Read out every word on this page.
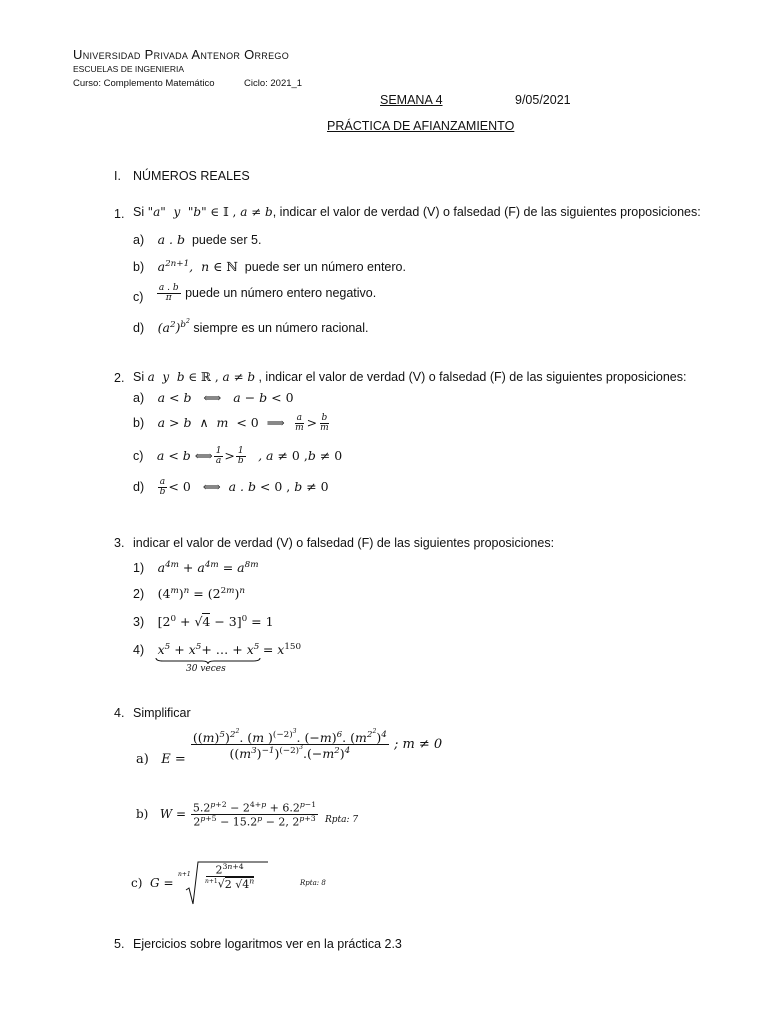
Universidad Privada Antenor Orrego
ESCUELAS DE INGENIERIA
Curso: Complemento Matemático	Ciclo: 2021_1
SEMANA 4	9/05/2021
PRÁCTICA DE AFIANZAMIENTO
I. NÚMEROS REALES
1. Si "a"  y  "b" ∈ 𝕀 , a ≠ b, indicar el valor de verdad (V) o falsedad (F) de las siguientes proposiciones:
a) a . b puede ser 5.
b) $a^{2n+1}$,  n ∈ ℕ puede ser un número entero.
$c) \frac{a . b}{\pi}$ puede un número entero negativo.
d) $(a^2)^{b^2}$ siempre es un número racional.
2. Si a  y  b ∈ ℝ , a ≠ b , indicar el valor de verdad (V) o falsedad (F) de las siguientes proposiciones:
a) a < b   ⟺   a − b < 0
b) a > b  ∧  m  < 0  ⟹ $\frac{a}{m} > \frac{b}{m}$
c) a < b ⟺ $\frac{1}{a} > \frac{1}{b}$ , a ≠ 0 ,b ≠ 0
$d) \frac{a}{b} < 0$   ⟺  a . b < 0 , b ≠ 0
3. indicar el valor de verdad (V) o falsedad (F) de las siguientes proposiciones:
1) $a^{4m} + a^{4m} = a^{8m}$
2) $(4^m)^n = (2^{2m})^n$
3) $[2^0 + √4 - 3]^0 = 1$
4) $x^5 + x^5+$ … + $x^5 = x^{150}$
30 veces
4. Simplificar
a)   $E = \frac{((m)^5)^{2^2}. (m )^{(-2)^3}. (-m)^6. (m^{2^2})^4}{((m^3)^{-1})^{(-2)^3}.(-m^2)^4}$ ; m ≠ 0
b)   $W = \frac{5.2^{p+2} - 2^{4+p} + 6.2^{p-1}}{2^{p+5} - 15.2^p - 2, 2^{p+3}}$ Rpta: 7
c)  G =
$n+1 \frac{2^{3n+4}}{^{n+1}√2 √4^n}$	Rpta: 8
5. Ejercicios sobre logaritmos ver en la práctica 2.3
